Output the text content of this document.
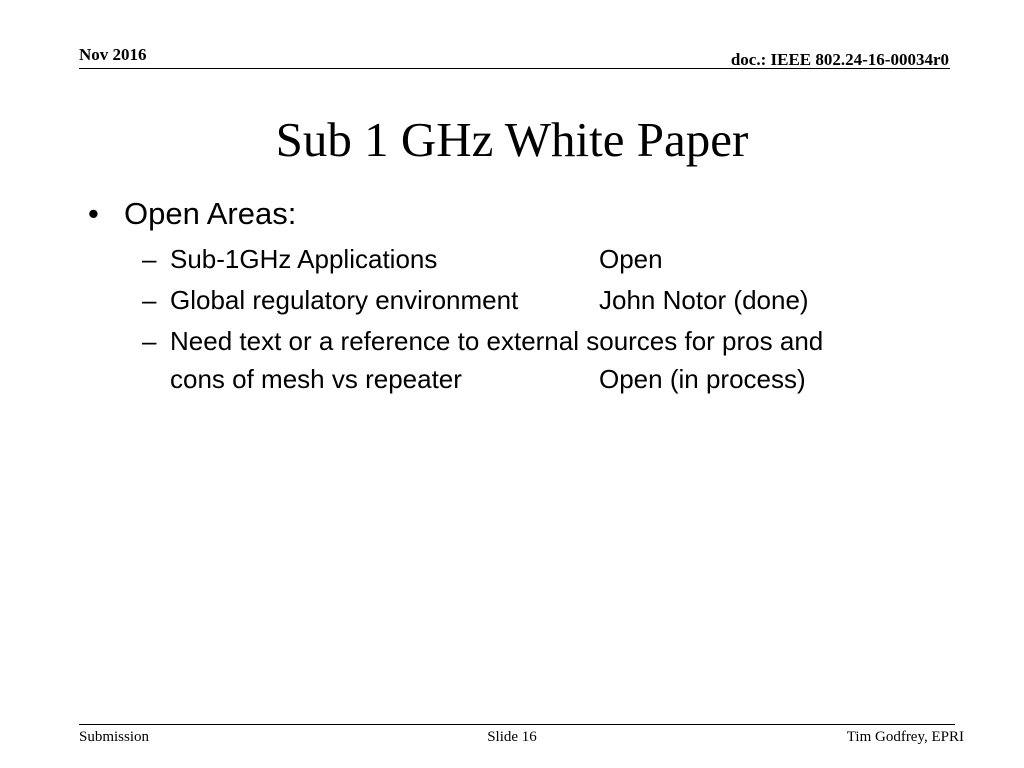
Nov 2016	doc.: IEEE 802.24-16-00034r0
Sub 1 GHz White Paper
• Open Areas:
– Sub-1GHz Applications	Open
– Global regulatory environment	John Notor (done)
– Need text or a reference to external sources for pros and
cons of mesh vs repeater	Open (in process)
Submission	Slide 16	Tim Godfrey, EPRI
